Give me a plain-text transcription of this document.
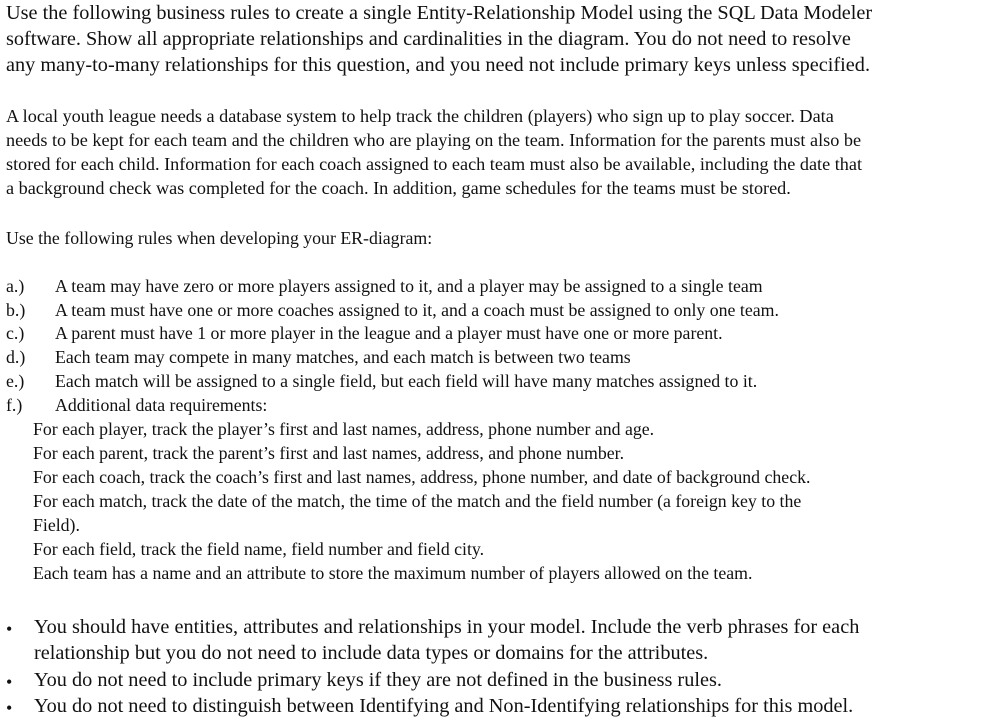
Use the following business rules to create a single Entity-Relationship Model using the SQL Data Modeler
software. Show all appropriate relationships and cardinalities in the diagram. You do not need to resolve
any many-to-many relationships for this question, and you need not include primary keys unless specified.
A local youth league needs a database system to help track the children (players) who sign up to play soccer. Data
needs to be kept for each team and the children who are playing on the team. Information for the parents must also be
stored for each child. Information for each coach assigned to each team must also be available, including the date that
a background check was completed for the coach. In addition, game schedules for the teams must be stored.
Use the following rules when developing your ER-diagram:
a.) A team may have zero or more players assigned to it, and a player may be assigned to a single team
b.) A team must have one or more coaches assigned to it, and a coach must be assigned to only one team.
c.) A parent must have 1 or more player in the league and a player must have one or more parent.
d.) Each team may compete in many matches, and each match is between two teams
e.) Each match will be assigned to a single field, but each field will have many matches assigned to it.
f.) Additional data requirements:
For each player, track the player’s first and last names, address, phone number and age.
For each parent, track the parent’s first and last names, address, and phone number.
For each coach, track the coach’s first and last names, address, phone number, and date of background check.
For each match, track the date of the match, the time of the match and the field number (a foreign key to the
Field).
For each field, track the field name, field number and field city.
Each team has a name and an attribute to store the maximum number of players allowed on the team.
• You should have entities, attributes and relationships in your model. Include the verb phrases for each
relationship but you do not need to include data types or domains for the attributes.
• You do not need to include primary keys if they are not defined in the business rules.
• You do not need to distinguish between Identifying and Non-Identifying relationships for this model.
